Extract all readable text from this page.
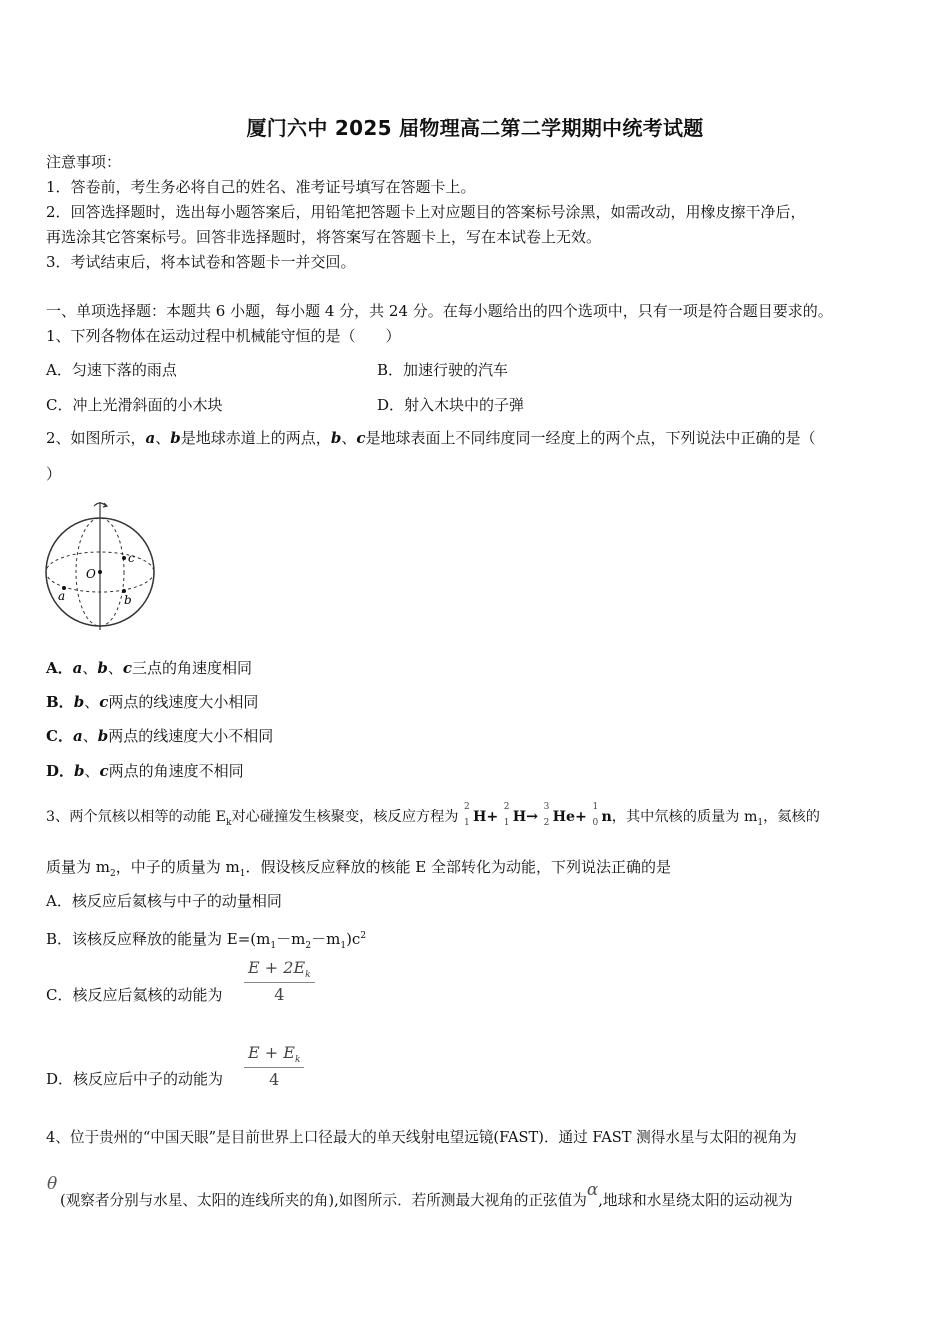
厦门六中 2025 届物理高二第二学期期中统考试题
注意事项：
1．答卷前，考生务必将自己的姓名、准考证号填写在答题卡上。
2．回答选择题时，选出每小题答案后，用铅笔把答题卡上对应题目的答案标号涂黑，如需改动，用橡皮擦干净后，
再选涂其它答案标号。回答非选择题时，将答案写在答题卡上，写在本试卷上无效。
3．考试结束后，将本试卷和答题卡一并交回。
一、单项选择题：本题共 6 小题，每小题 4 分，共 24 分。在每小题给出的四个选项中，只有一项是符合题目要求的。
1、下列各物体在运动过程中机械能守恒的是（　　）
A．匀速下落的雨点	B．加速行驶的汽车
C．冲上光滑斜面的小木块	D．射入木块中的子弹
2、如图所示，a、b是地球赤道上的两点，b、c是地球表面上不同纬度同一经度上的两个点，下列说法中正确的是（
）
O
c
a	b
A．a、b、c三点的角速度相同
B．b、c两点的线速度大小相同
C．a、b两点的线速度大小不相同
D．b、c两点的角速度不相同
3、两个氘核以相等的动能 $E_k$对心碰撞发生核聚变，核反应方程为
2
1 H+
2
1 H→
3
2 He+
1
0 n，其中氘核的质量为 $m_1$，氦核的
质量为 $m_2$，中子的质量为 $m_1$．假设核反应释放的核能 E 全部转化为动能，下列说法正确的是
A．核反应后氦核与中子的动量相同
B．该核反应释放的能量为 $E=(m_1-m_2-m_1)c^2$
C．核反应后氦核的动能为
$E + 2E_k$
4
D．核反应后中子的动能为
$E + E_k$
4
4、位于贵州的“中国天眼”是目前世界上口径最大的单天线射电望远镜(FAST)．通过 FAST 测得水星与太阳的视角为
θ
(观察者分别与水星、太阳的连线所夹的角),如图所示．若所测最大视角的正弦值为α,地球和水星绕太阳的运动视为
